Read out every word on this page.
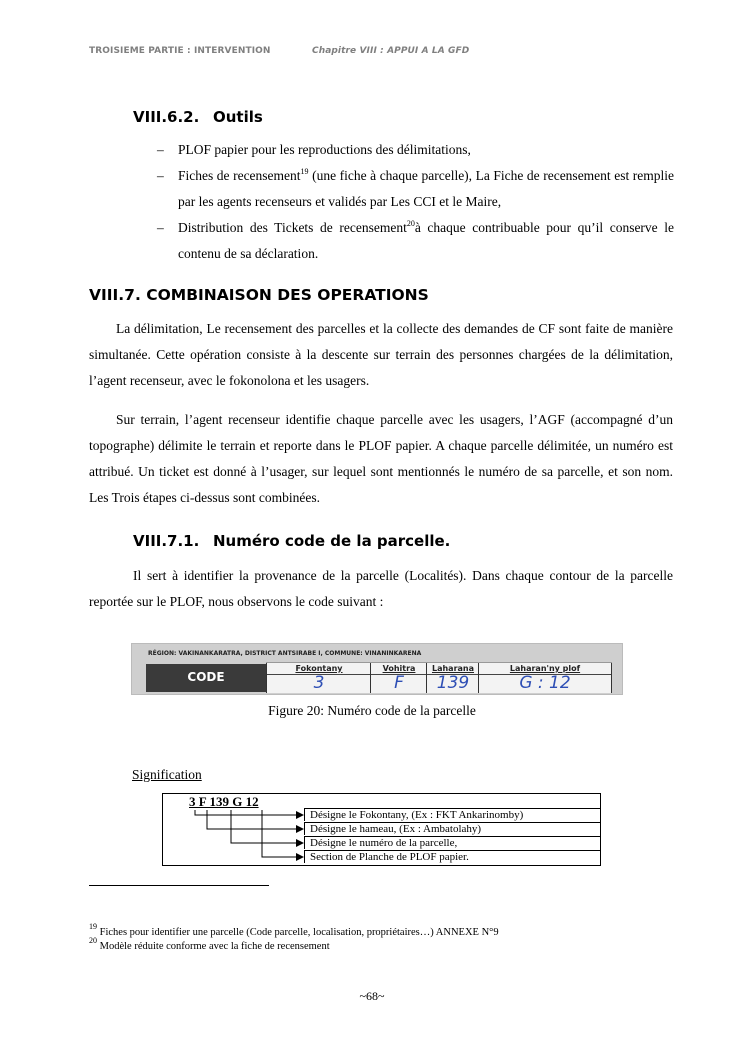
TROISIEME PARTIE : INTERVENTION	Chapitre VIII : APPUI A LA GFD
VIII.6.2. Outils
– PLOF papier pour les reproductions des délimitations,
– Fiches de recensement$^{19}$ (une fiche à chaque parcelle), La Fiche de recensement est remplie par les agents recenseurs et validés par Les CCI et le Maire,
– Distribution des Tickets de recensement$^{20}$à chaque contribuable pour qu’il conserve le contenu de sa déclaration.
VIII.7. COMBINAISON DES OPERATIONS
La délimitation, Le recensement des parcelles et la collecte des demandes de CF sont faite de manière simultanée. Cette opération consiste à la descente sur terrain des personnes chargées de la délimitation, l’agent recenseur, avec le fokonolona et les usagers.
Sur terrain, l’agent recenseur identifie chaque parcelle avec les usagers, l’AGF (accompagné d’un topographe) délimite le terrain et reporte dans le PLOF papier. A chaque parcelle délimitée, un numéro est attribué. Un ticket est donné à l’usager, sur lequel sont mentionnés le numéro de sa parcelle, et son nom. Les Trois étapes ci-dessus sont combinées.
VIII.7.1. Numéro code de la parcelle.
Il sert à identifier la provenance de la parcelle (Localités). Dans chaque contour de la parcelle reportée sur le PLOF, nous observons le code suivant :
RÉGION: VAKINANKARATRA, DISTRICT ANTSIRABE I, COMMUNE: VINANINKARENA
CODE
Fokontany
3
Vohitra
F
Laharana
139
Laharan'ny plof
G : 12
Figure 20: Numéro code de la parcelle
Signification
3 F 139 G 12
Désigne le Fokontany, (Ex : FKT Ankarinomby)
Désigne le hameau, (Ex : Ambatolahy)
Désigne le numéro de la parcelle,
Section de Planche de PLOF papier.
$^{19}$ Fiches pour identifier une parcelle (Code parcelle, localisation, propriétaires…) ANNEXE N°9
$^{20}$ Modèle réduite conforme avec la fiche de recensement
~68~
